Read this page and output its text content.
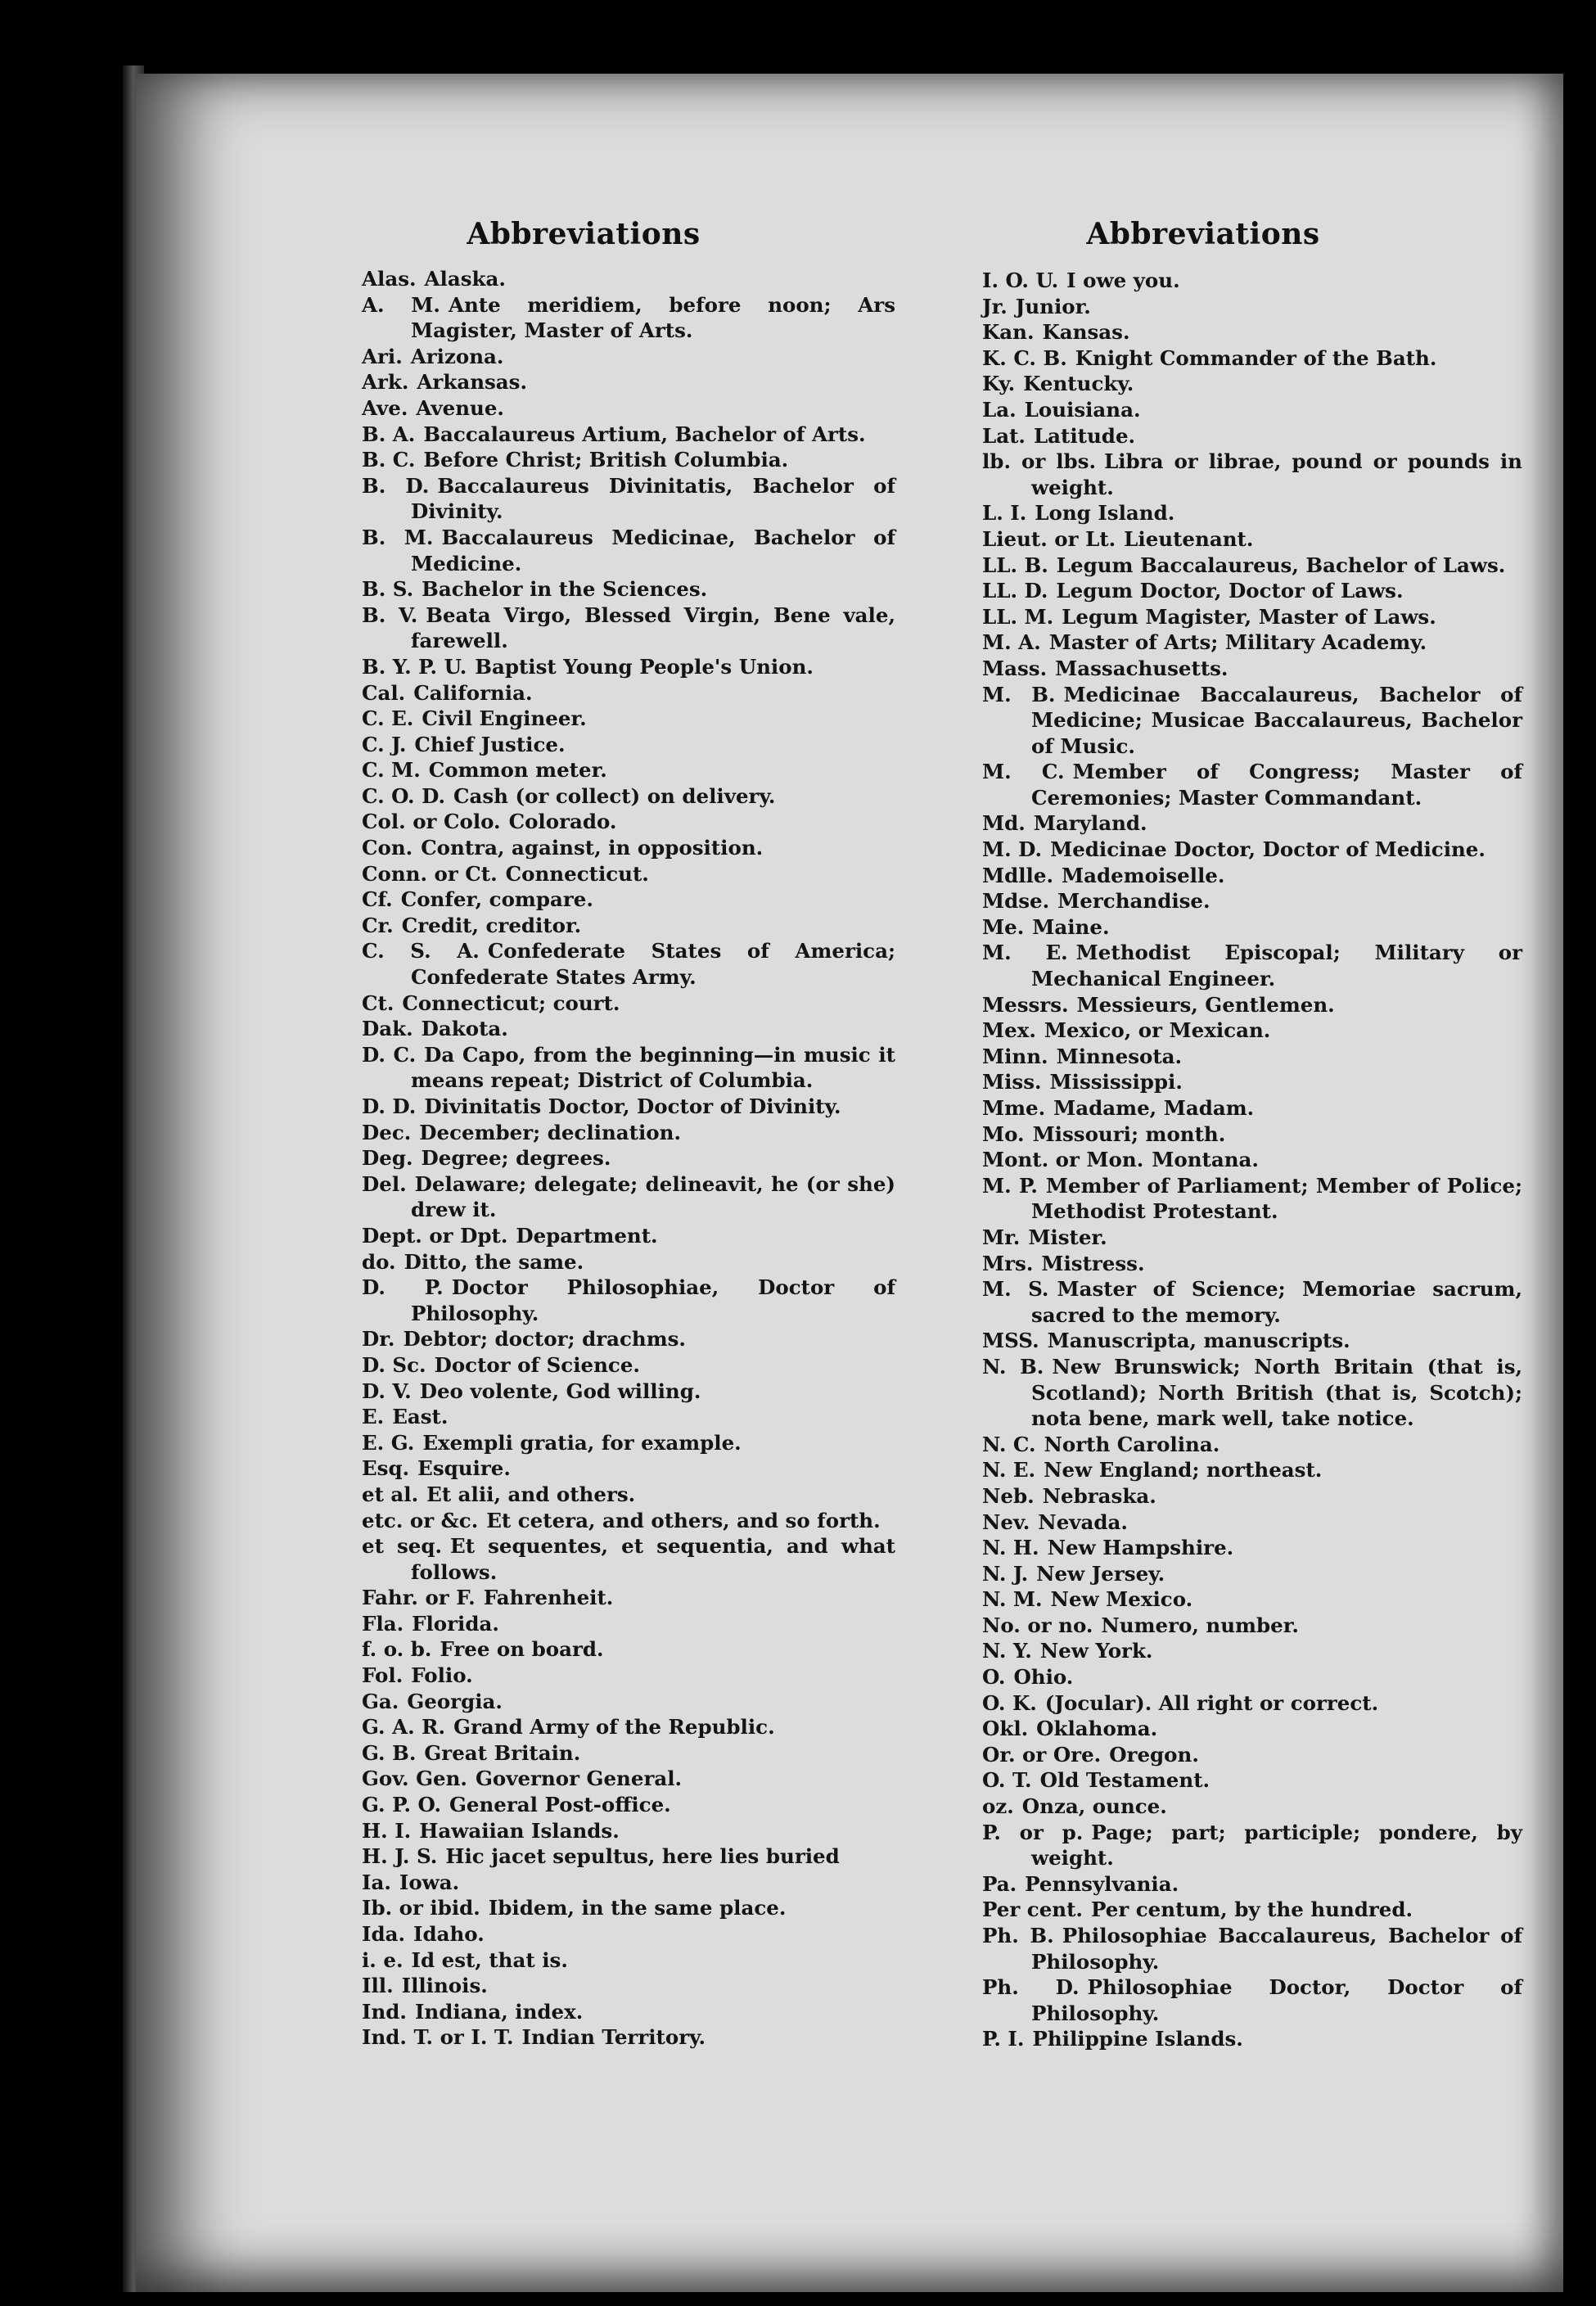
Abbreviations
Alas. Alaska.
A. M. Ante meridiem, before noon; Ars Magister, Master of Arts.
Ari. Arizona.
Ark. Arkansas.
Ave. Avenue.
B. A. Baccalaureus Artium, Bachelor of Arts.
B. C. Before Christ; British Columbia.
B. D. Baccalaureus Divinitatis, Bachelor of Divinity.
B. M. Baccalaureus Medicinae, Bachelor of Medicine.
B. S. Bachelor in the Sciences.
B. V. Beata Virgo, Blessed Virgin, Bene vale, farewell.
B. Y. P. U. Baptist Young People's Union.
Cal. California.
C. E. Civil Engineer.
C. J. Chief Justice.
C. M. Common meter.
C. O. D. Cash (or collect) on delivery.
Col. or Colo. Colorado.
Con. Contra, against, in opposition.
Conn. or Ct. Connecticut.
Cf. Confer, compare.
Cr. Credit, creditor.
C. S. A. Confederate States of America; Confederate States Army.
Ct. Connecticut; court.
Dak. Dakota.
D. C. Da Capo, from the beginning—in music it means repeat; District of Columbia.
D. D. Divinitatis Doctor, Doctor of Divinity.
Dec. December; declination.
Deg. Degree; degrees.
Del. Delaware; delegate; delineavit, he (or she) drew it.
Dept. or Dpt. Department.
do. Ditto, the same.
D. P. Doctor Philosophiae, Doctor of Philosophy.
Dr. Debtor; doctor; drachms.
D. Sc. Doctor of Science.
D. V. Deo volente, God willing.
E. East.
E. G. Exempli gratia, for example.
Esq. Esquire.
et al. Et alii, and others.
etc. or &c. Et cetera, and others, and so forth.
et seq. Et sequentes, et sequentia, and what follows.
Fahr. or F. Fahrenheit.
Fla. Florida.
f. o. b. Free on board.
Fol. Folio.
Ga. Georgia.
G. A. R. Grand Army of the Republic.
G. B. Great Britain.
Gov. Gen. Governor General.
G. P. O. General Post-office.
H. I. Hawaiian Islands.
H. J. S. Hic jacet sepultus, here lies buried
Ia. Iowa.
Ib. or ibid. Ibidem, in the same place.
Ida. Idaho.
i. e. Id est, that is.
Ill. Illinois.
Ind. Indiana, index.
Ind. T. or I. T. Indian Territory.
Abbreviations
I. O. U. I owe you.
Jr. Junior.
Kan. Kansas.
K. C. B. Knight Commander of the Bath.
Ky. Kentucky.
La. Louisiana.
Lat. Latitude.
lb. or lbs. Libra or librae, pound or pounds in weight.
L. I. Long Island.
Lieut. or Lt. Lieutenant.
LL. B. Legum Baccalaureus, Bachelor of Laws.
LL. D. Legum Doctor, Doctor of Laws.
LL. M. Legum Magister, Master of Laws.
M. A. Master of Arts; Military Academy.
Mass. Massachusetts.
M. B. Medicinae Baccalaureus, Bachelor of Medicine; Musicae Baccalaureus, Bachelor of Music.
M. C. Member of Congress; Master of Ceremonies; Master Commandant.
Md. Maryland.
M. D. Medicinae Doctor, Doctor of Medicine.
Mdlle. Mademoiselle.
Mdse. Merchandise.
Me. Maine.
M. E. Methodist Episcopal; Military or Mechanical Engineer.
Messrs. Messieurs, Gentlemen.
Mex. Mexico, or Mexican.
Minn. Minnesota.
Miss. Mississippi.
Mme. Madame, Madam.
Mo. Missouri; month.
Mont. or Mon. Montana.
M. P. Member of Parliament; Member of Police; Methodist Protestant.
Mr. Mister.
Mrs. Mistress.
M. S. Master of Science; Memoriae sacrum, sacred to the memory.
MSS. Manuscripta, manuscripts.
N. B. New Brunswick; North Britain (that is, Scotland); North British (that is, Scotch); nota bene, mark well, take notice.
N. C. North Carolina.
N. E. New England; northeast.
Neb. Nebraska.
Nev. Nevada.
N. H. New Hampshire.
N. J. New Jersey.
N. M. New Mexico.
No. or no. Numero, number.
N. Y. New York.
O. Ohio.
O. K. (Jocular). All right or correct.
Okl. Oklahoma.
Or. or Ore. Oregon.
O. T. Old Testament.
oz. Onza, ounce.
P. or p. Page; part; participle; pondere, by weight.
Pa. Pennsylvania.
Per cent. Per centum, by the hundred.
Ph. B. Philosophiae Baccalaureus, Bachelor of Philosophy.
Ph. D. Philosophiae Doctor, Doctor of Philosophy.
P. I. Philippine Islands.
